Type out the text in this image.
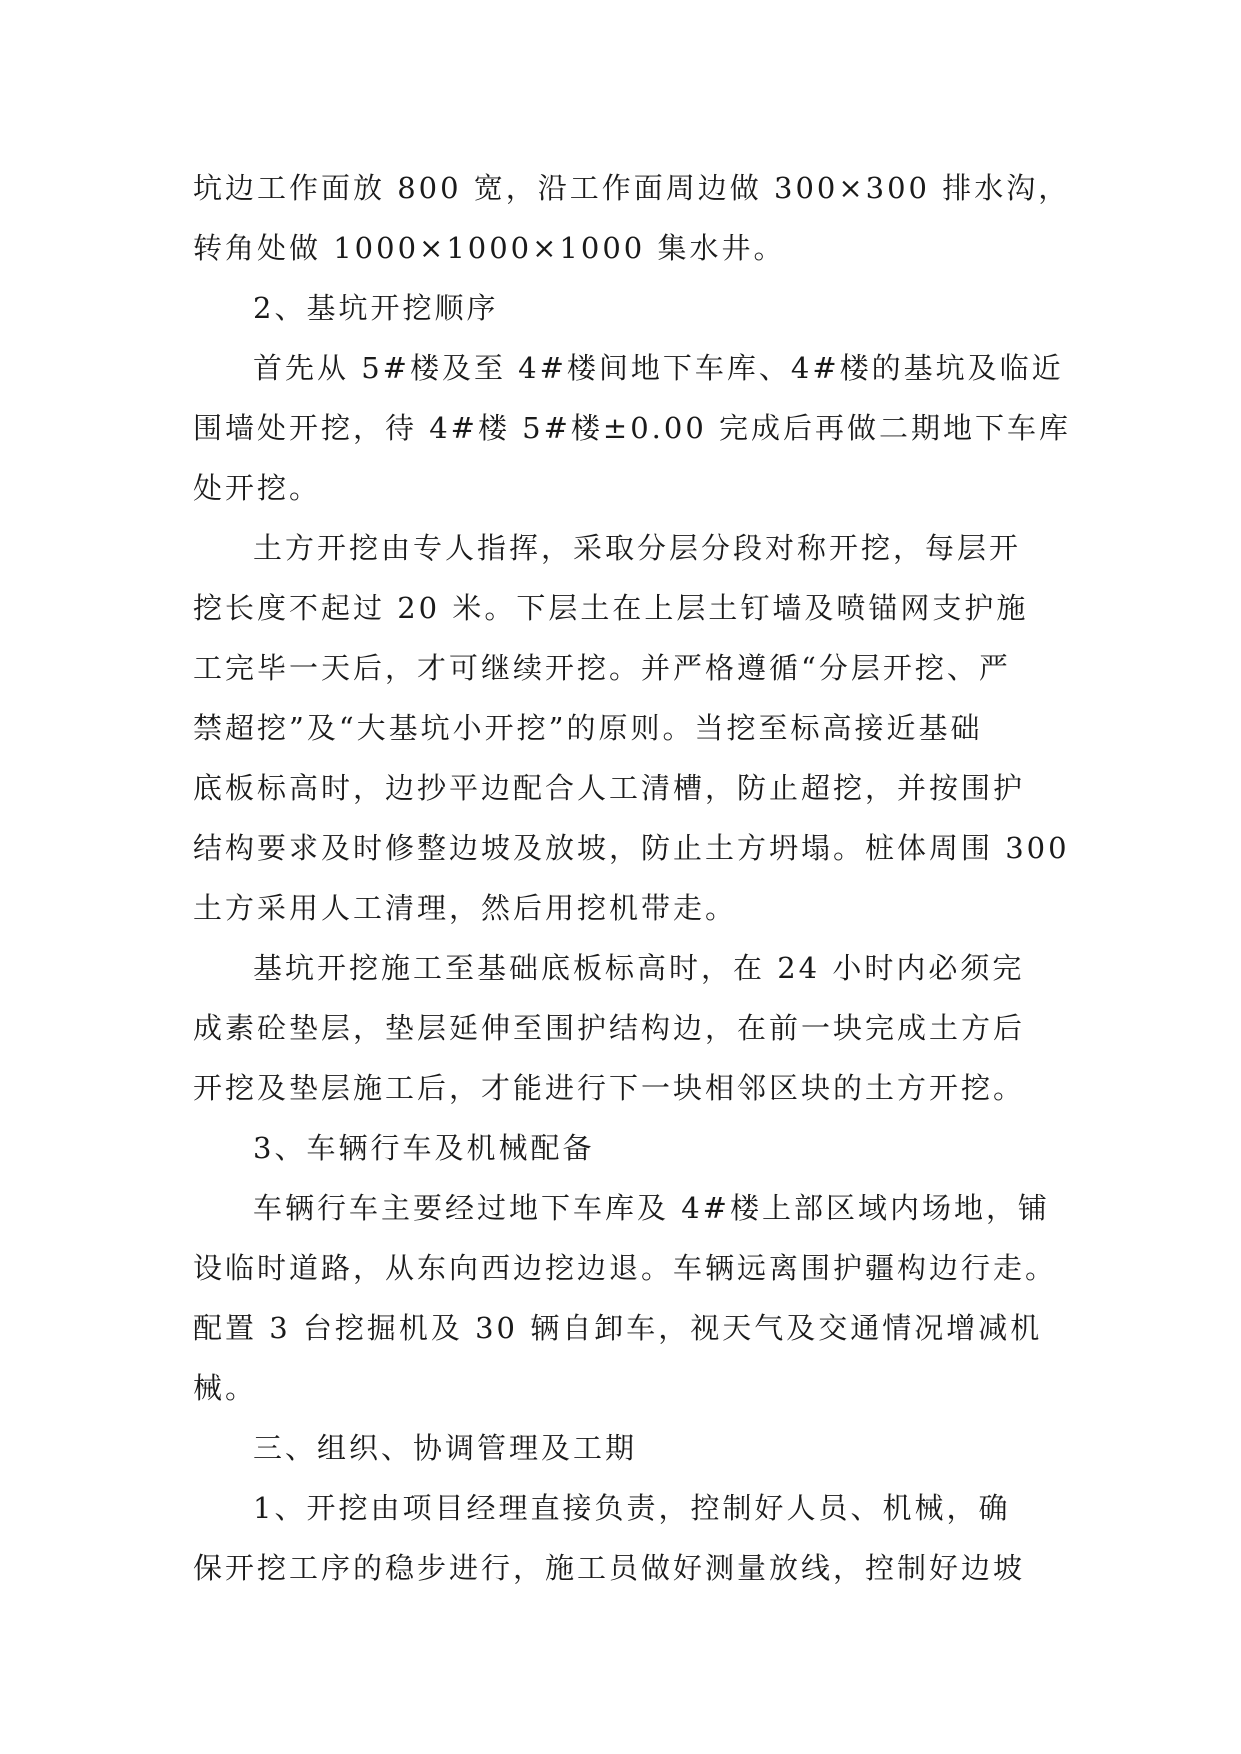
坑边工作面放 800 宽，沿工作面周边做 300×300 排水沟，
转角处做 1000×1000×1000 集水井。
2、基坑开挖顺序
首先从 5#楼及至 4#楼间地下车库、4#楼的基坑及临近
围墙处开挖，待 4#楼 5#楼±0.00 完成后再做二期地下车库
处开挖。
土方开挖由专人指挥，采取分层分段对称开挖，每层开
挖长度不起过 20 米。下层土在上层土钉墙及喷锚网支护施
工完毕一天后，才可继续开挖。并严格遵循“分层开挖、严
禁超挖”及“大基坑小开挖”的原则。当挖至标高接近基础
底板标高时，边抄平边配合人工清槽，防止超挖，并按围护
结构要求及时修整边坡及放坡，防止土方坍塌。桩体周围 300
土方采用人工清理，然后用挖机带走。
基坑开挖施工至基础底板标高时，在 24 小时内必须完
成素砼垫层，垫层延伸至围护结构边，在前一块完成土方后
开挖及垫层施工后，才能进行下一块相邻区块的土方开挖。
3、车辆行车及机械配备
车辆行车主要经过地下车库及 4#楼上部区域内场地，铺
设临时道路，从东向西边挖边退。车辆远离围护疆构边行走。
配置 3 台挖掘机及 30 辆自卸车，视天气及交通情况增减机
械。
三、组织、协调管理及工期
1、开挖由项目经理直接负责，控制好人员、机械，确
保开挖工序的稳步进行，施工员做好测量放线，控制好边坡
